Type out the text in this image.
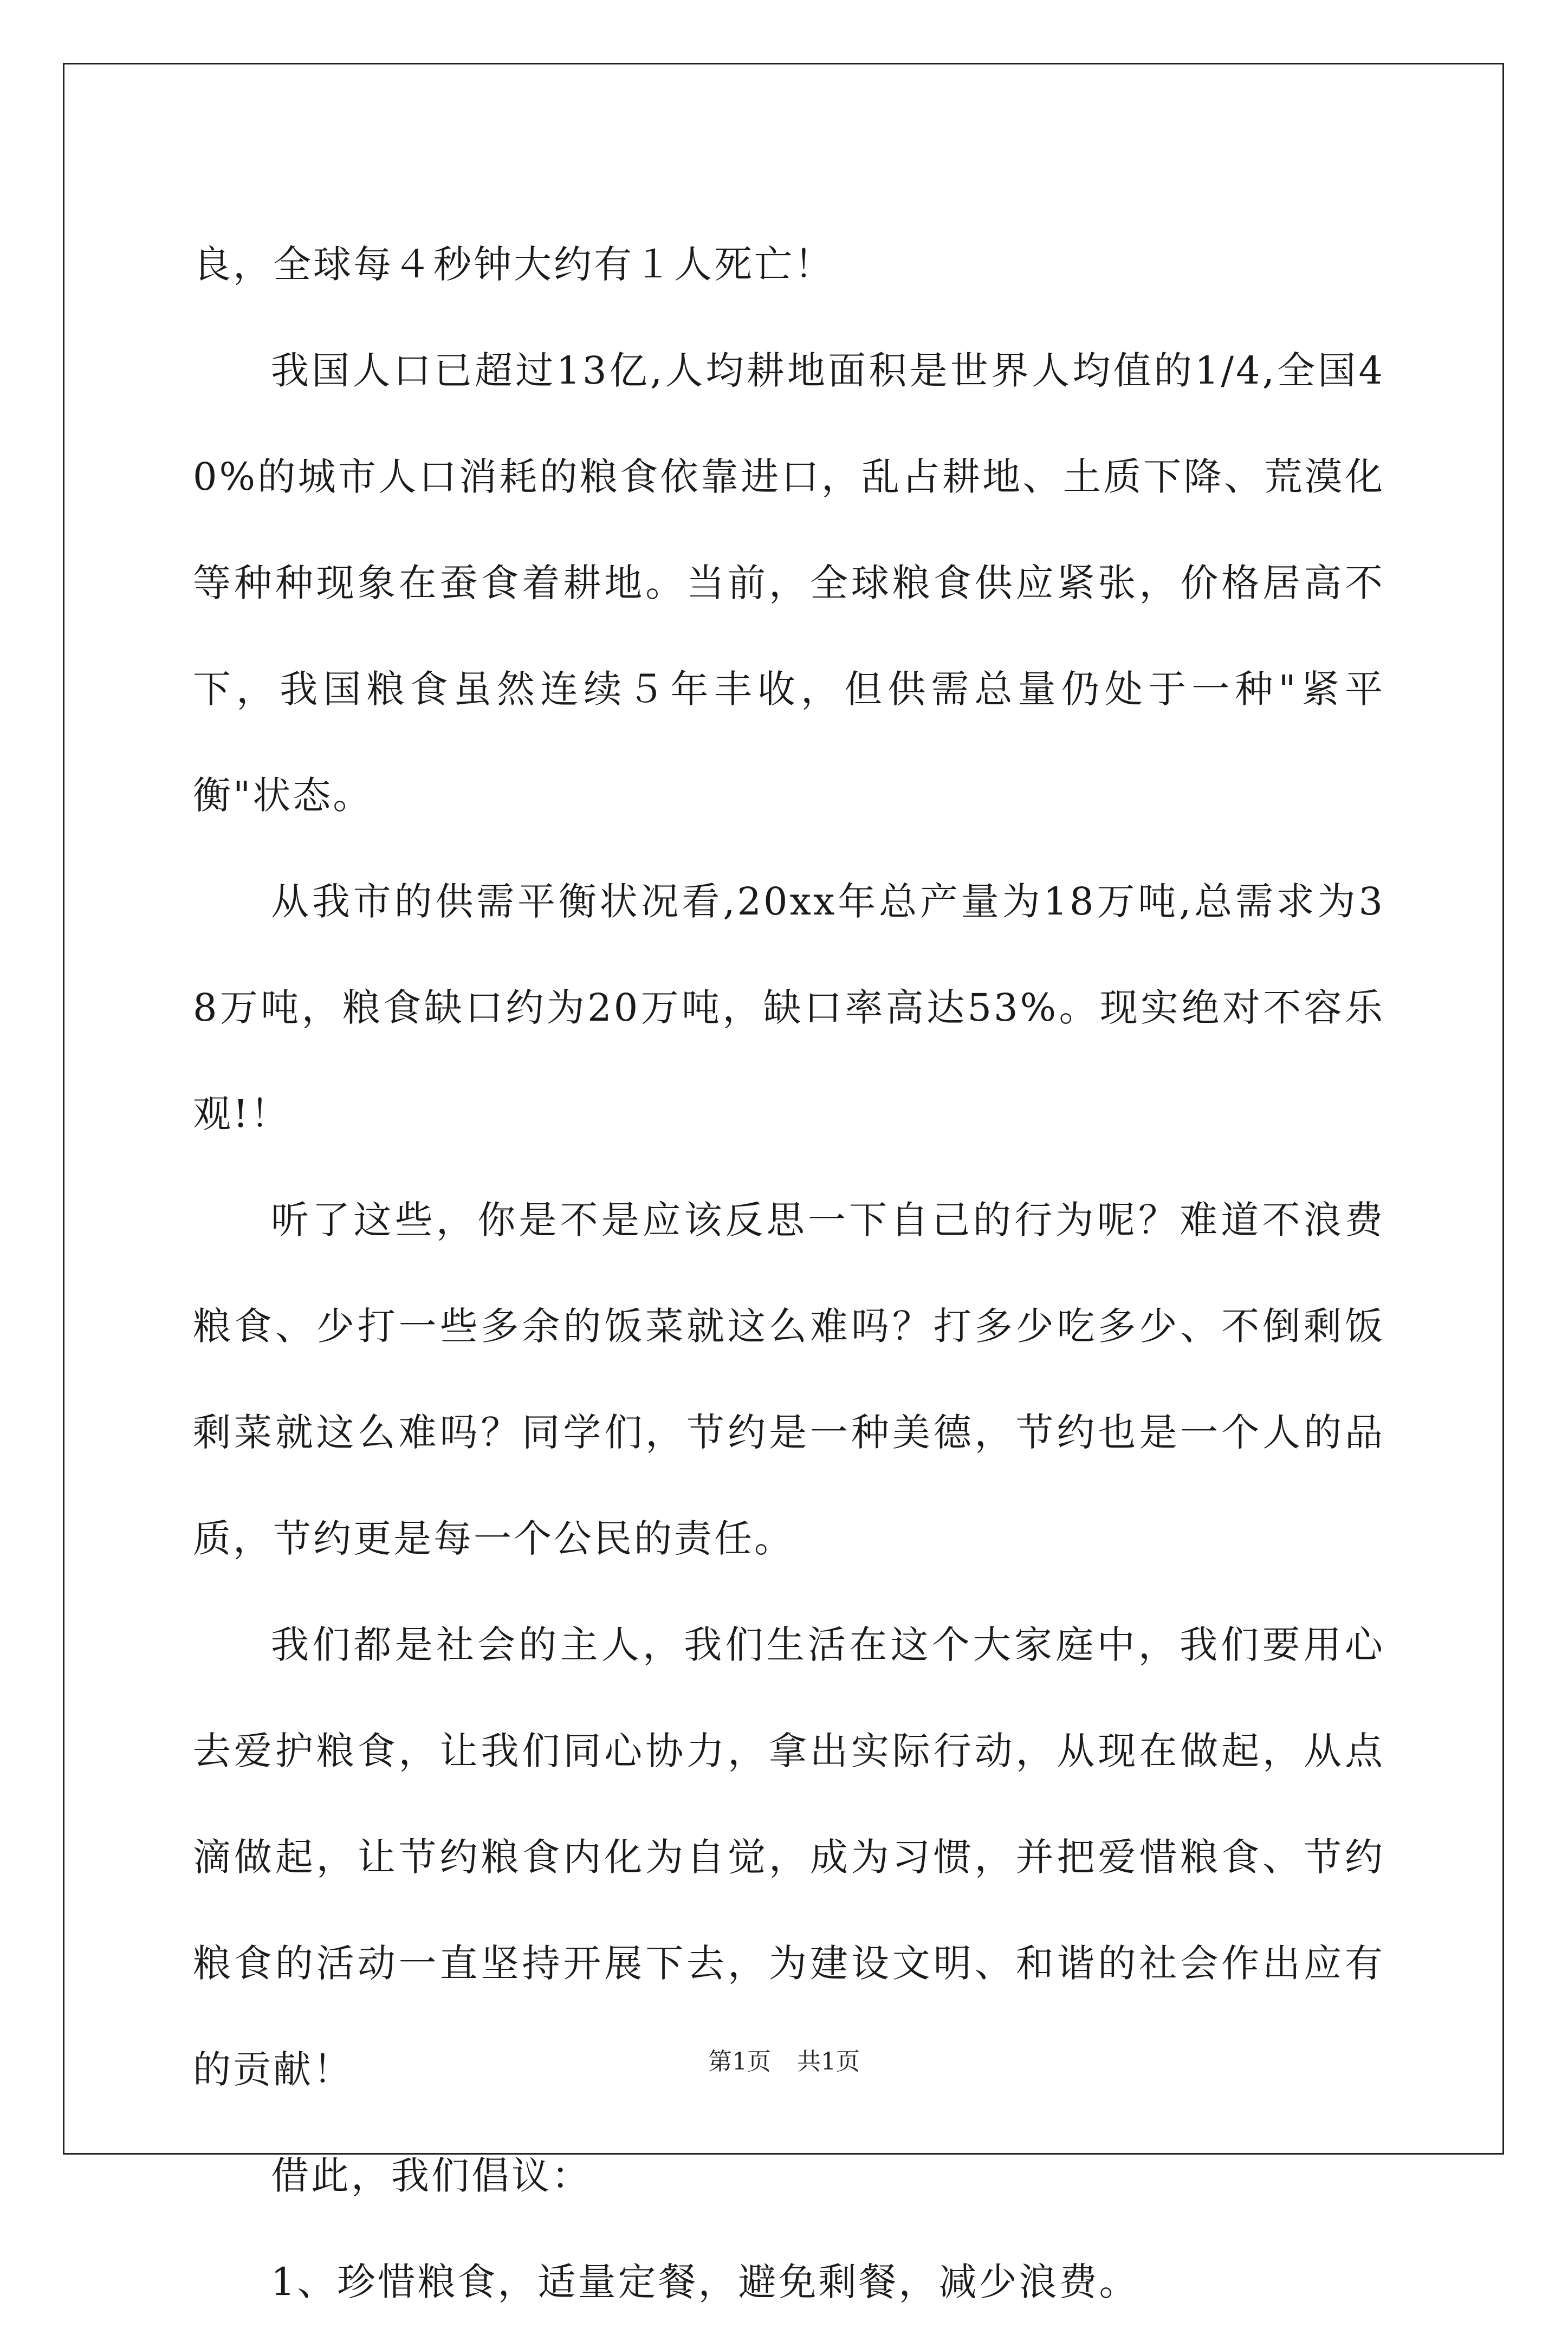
良，全球每４秒钟大约有１人死亡！

我国人口已超过13亿,人均耕地面积是世界人均值的1/4,全国40%的城市人口消耗的粮食依靠进口，乱占耕地、土质下降、荒漠化等种种现象在蚕食着耕地。当前，全球粮食供应紧张，价格居高不下，我国粮食虽然连续５年丰收，但供需总量仍处于一种"紧平衡"状态。

从我市的供需平衡状况看,20xx年总产量为18万吨,总需求为38万吨，粮食缺口约为20万吨，缺口率高达53%。现实绝对不容乐观!！

听了这些，你是不是应该反思一下自己的行为呢？难道不浪费粮食、少打一些多余的饭菜就这么难吗？打多少吃多少、不倒剩饭剩菜就这么难吗？同学们，节约是一种美德，节约也是一个人的品质，节约更是每一个公民的责任。

我们都是社会的主人，我们生活在这个大家庭中，我们要用心去爱护粮食，让我们同心协力，拿出实际行动，从现在做起，从点滴做起，让节约粮食内化为自觉，成为习惯，并把爱惜粮食、节约粮食的活动一直坚持开展下去，为建设文明、和谐的社会作出应有的贡献！

借此，我们倡议：

1、珍惜粮食，适量定餐，避免剩餐，减少浪费。

第1页 共1页
